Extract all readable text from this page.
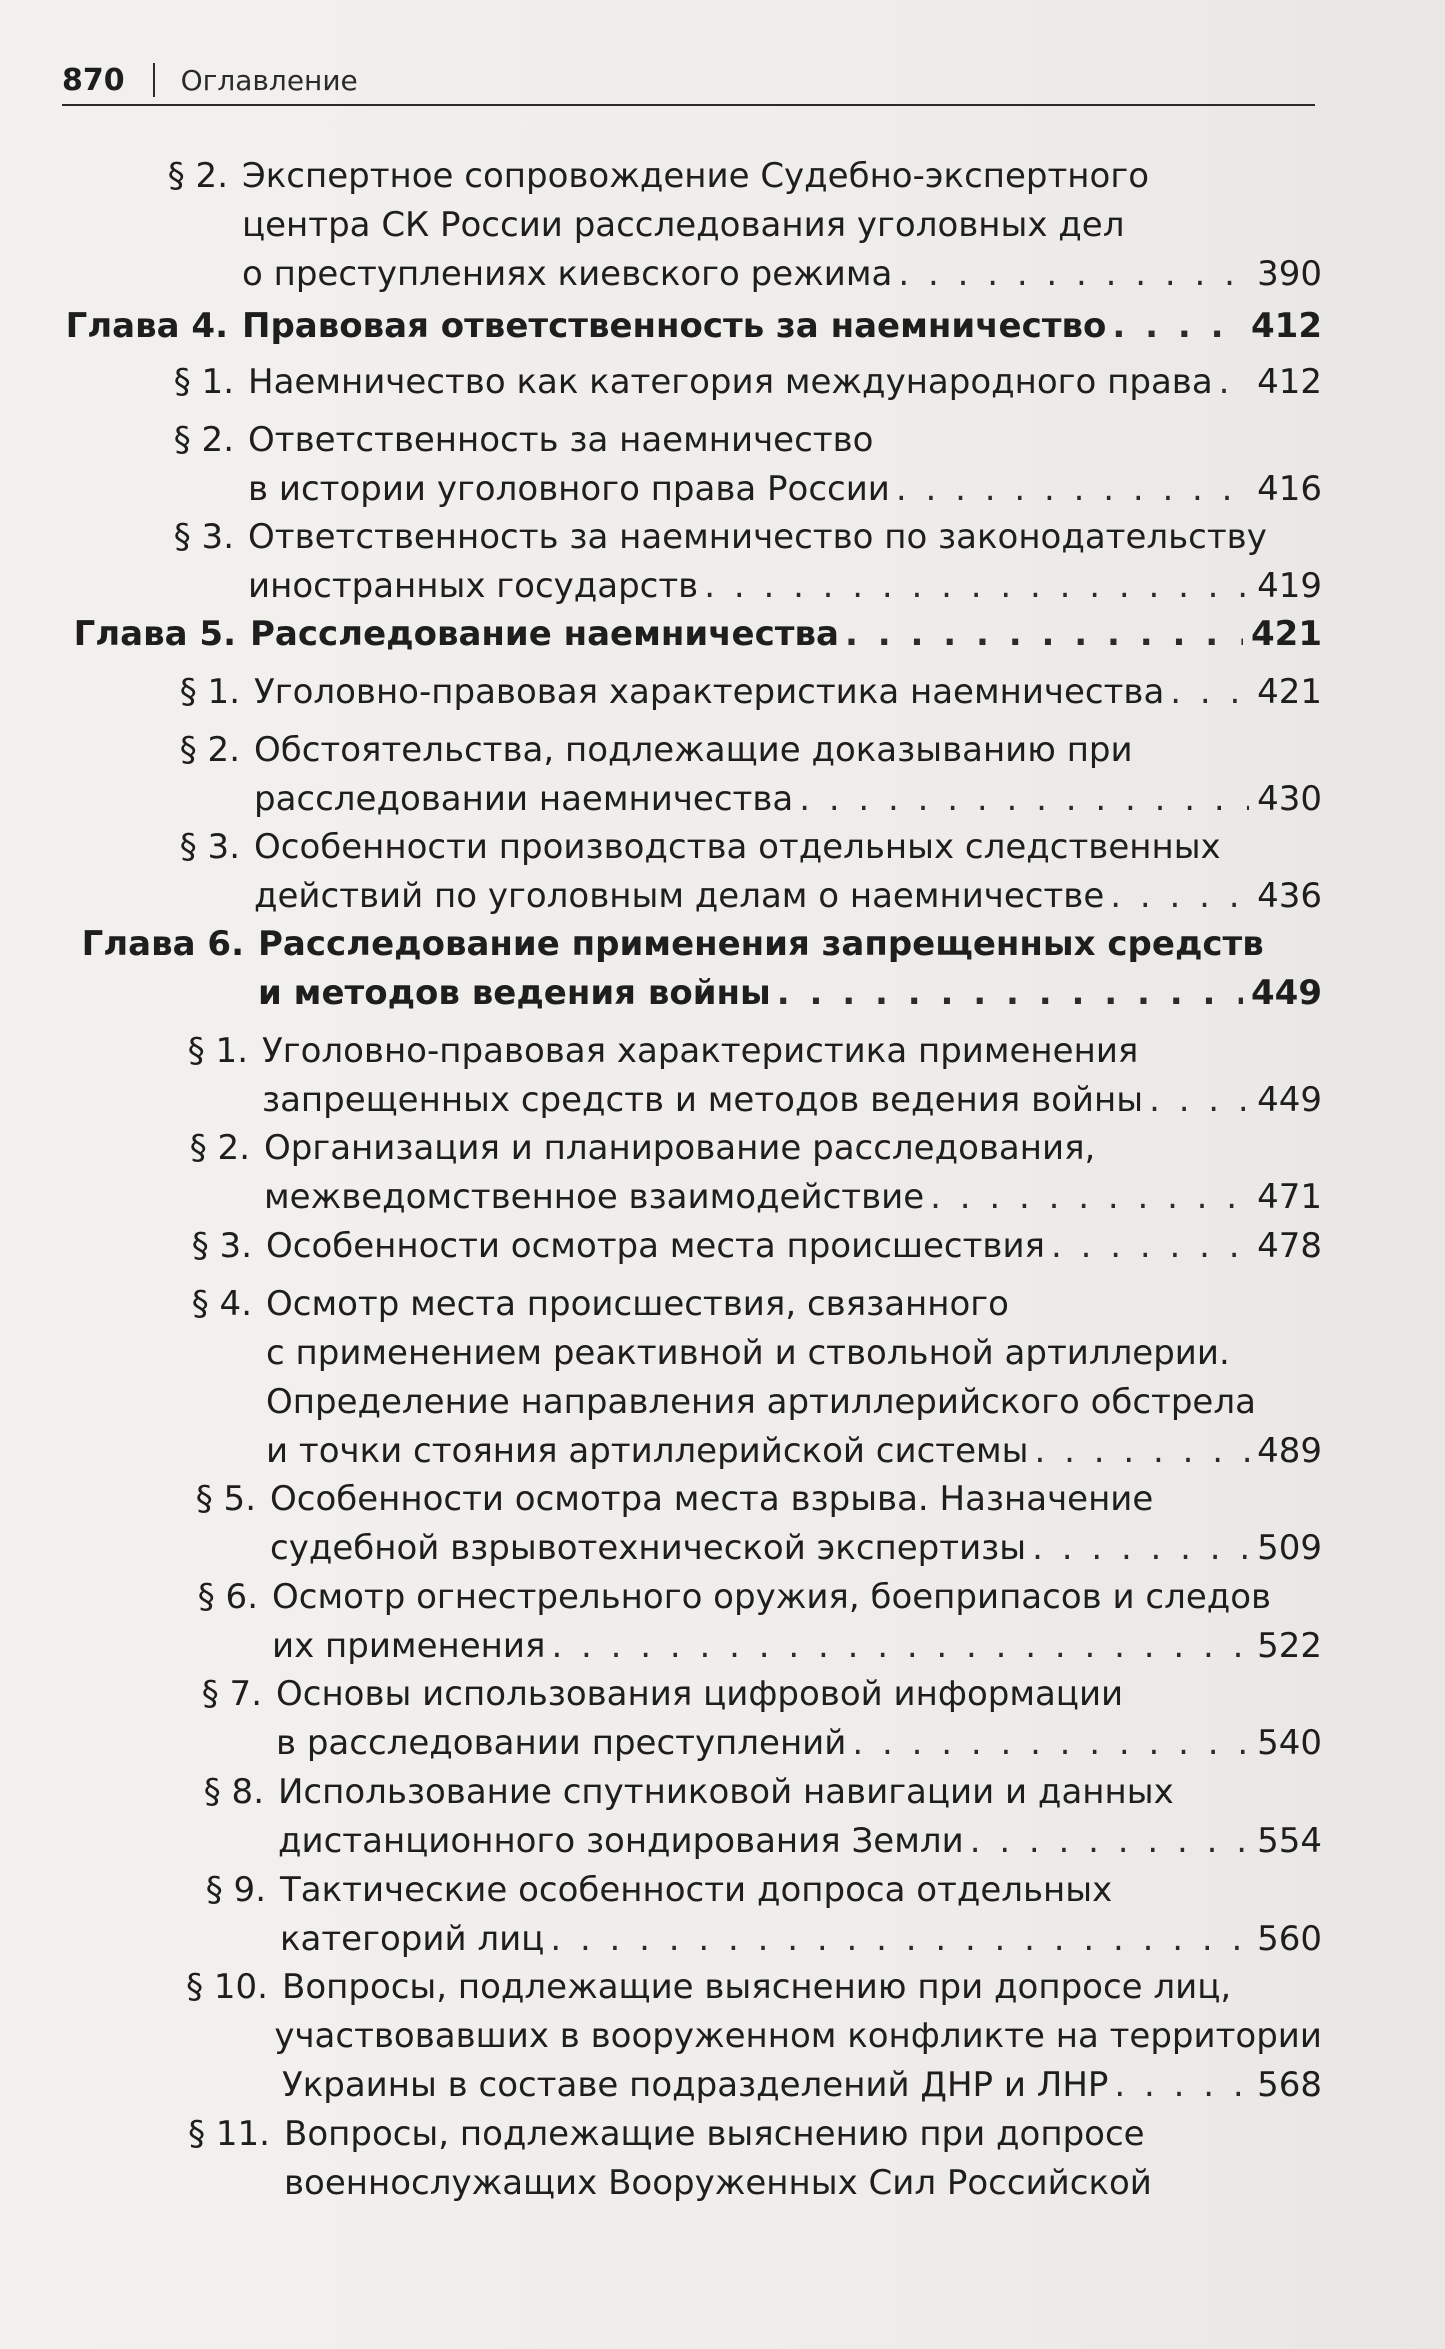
870 Оглавление
§ 2. Экспертное сопровождение Судебно-экспертного
центра СК России расследования уголовных дел
о преступлениях киевского режима . . .	390
Глава 4. Правовая ответственность за наемничество . . .	412
§ 1. Наемничество как категория международного права . . . 412
§ 2. Ответственность за наемничество
в истории уголовного права России . . .	416
§ 3. Ответственность за наемничество по законодательству
иностранных государств . . .	419
Глава 5. Расследование наемничества . . .	421
§ 1. Уголовно-правовая характеристика наемничества . . .	421
§ 2. Обстоятельства, подлежащие доказыванию при
расследовании наемничества . . .	430
§ 3. Особенности производства отдельных следственных
действий по уголовным делам о наемничестве . . .	436
Глава 6. Расследование применения запрещенных средств
и методов ведения войны . . .	449
§ 1. Уголовно-правовая характеристика применения
запрещенных средств и методов ведения войны . . .	449
§ 2. Организация и планирование расследования,
межведомственное взаимодействие . . .	471
§ 3. Особенности осмотра места происшествия . . .	478
§ 4. Осмотр места происшествия, связанного
с применением реактивной и ствольной артиллерии.
Определение направления артиллерийского обстрела
и точки стояния артиллерийской системы . . .	489
§ 5. Особенности осмотра места взрыва. Назначение
судебной взрывотехнической экспертизы . . .	509
§ 6. Осмотр огнестрельного оружия, боеприпасов и следов
их применения . . .	522
§ 7. Основы использования цифровой информации
в расследовании преступлений . . .	540
§ 8. Использование спутниковой навигации и данных
дистанционного зондирования Земли . . .	554
§ 9. Тактические особенности допроса отдельных
категорий лиц . . .	560
§ 10. Вопросы, подлежащие выяснению при допросе лиц,
участвовавших в вооруженном конфликте на территории
Украины в составе подразделений ДНР и ЛНР . . .	568
§ 11. Вопросы, подлежащие выяснению при допросе
военнослужащих Вооруженных Сил Российской
